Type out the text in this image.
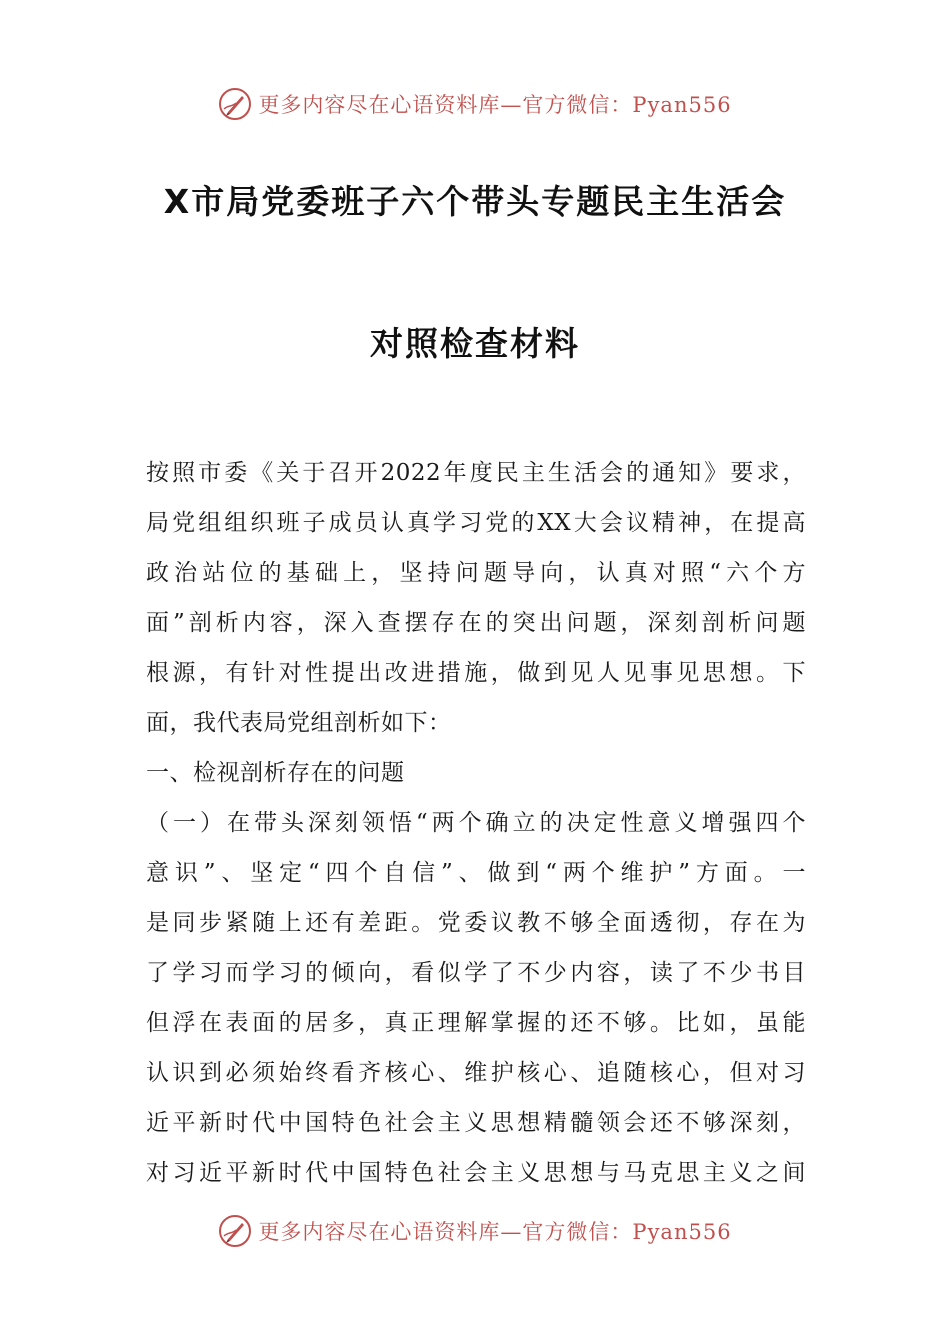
更多内容尽在心语资料库—官方微信：Pyan556
X市局党委班子六个带头专题民主生活会
对照检查材料
按照市委《关于召开2022年度民主生活会的通知》要求，
局党组组织班子成员认真学习党的XX大会议精神，在提高
政治站位的基础上，坚持问题导向，认真对照“六个方
面”剖析内容，深入查摆存在的突出问题，深刻剖析问题
根源，有针对性提出改进措施，做到见人见事见思想。下
面，我代表局党组剖析如下：
一、检视剖析存在的问题
（一）在带头深刻领悟“两个确立的决定性意义增强四个
意识”、坚定“四个自信”、做到“两个维护”方面。一
是同步紧随上还有差距。党委议教不够全面透彻，存在为
了学习而学习的倾向，看似学了不少内容，读了不少书目
但浮在表面的居多，真正理解掌握的还不够。比如，虽能
认识到必须始终看齐核心、维护核心、追随核心，但对习
近平新时代中国特色社会主义思想精髓领会还不够深刻，
对习近平新时代中国特色社会主义思想与马克思主义之间
更多内容尽在心语资料库—官方微信：Pyan556
